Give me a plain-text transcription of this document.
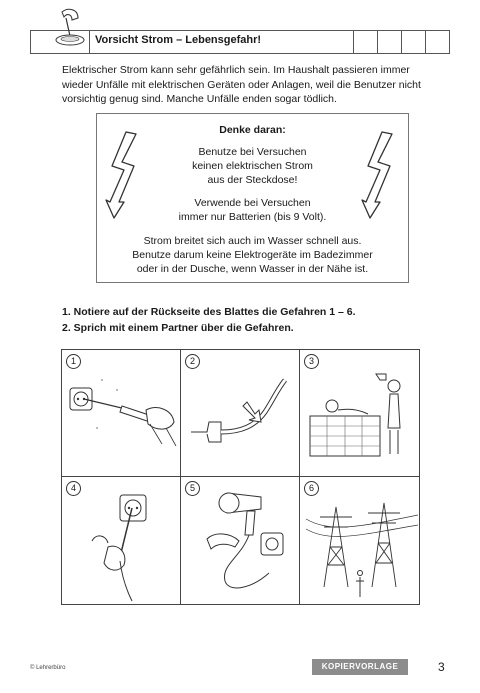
Vorsicht Strom – Lebensgefahr!
Elektrischer Strom kann sehr gefährlich sein. Im Haushalt passieren immer
wieder Unfälle mit elektrischen Geräten oder Anlagen, weil die Benutzer nicht
vorsichtig genug sind. Manche Unfälle enden sogar tödlich.
Denke daran:

Benutze bei Versuchen

keinen elektrischen Strom

aus der Steckdose!

Verwende bei Versuchen

immer nur Batterien (bis 9 Volt).

Strom breitet sich auch im Wasser schnell aus.

Benutze darum keine Elektrogeräte im Badezimmer

oder in der Dusche, wenn Wasser in der Nähe ist.

1. Notiere auf der Rückseite des Blattes die Gefahren 1 – 6.
2. Sprich mit einem Partner über die Gefahren.
1	2	3
4	5	6
© Lehrerbüro	KOPIERVORLAGE	3
